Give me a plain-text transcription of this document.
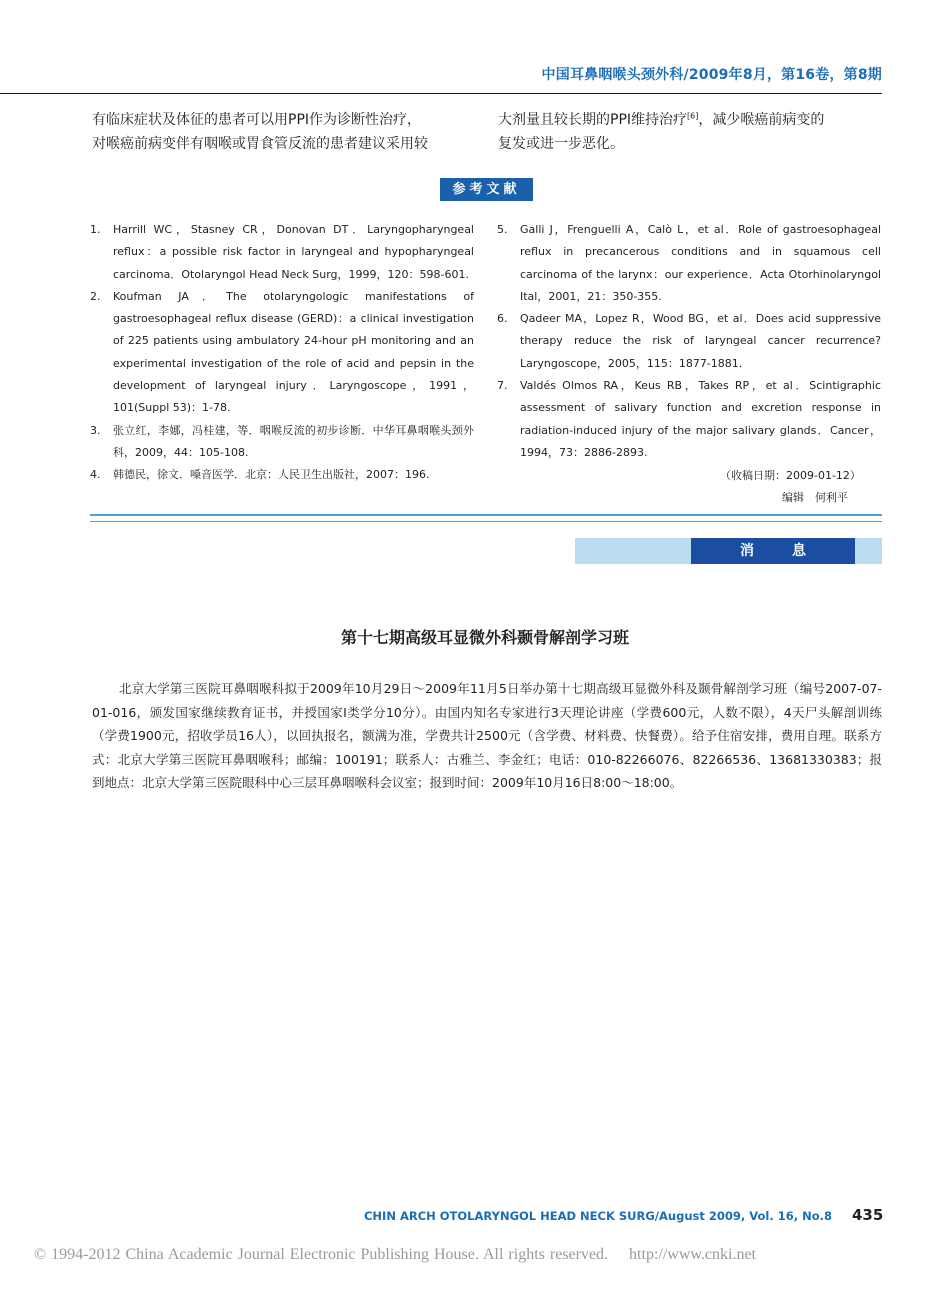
中国耳鼻咽喉头颈外科/2009年8月，第16卷，第8期
有临床症状及体征的患者可以用PPI作为诊断性治疗，
对喉癌前病变伴有咽喉或胃食管反流的患者建议采用较
大剂量且较长期的PPI维持治疗[6]，减少喉癌前病变的
复发或进一步恶化。
参考文献
1.	Harrill WC，Stasney CR，Donovan DT．Laryngopharyngeal reflux：a possible risk factor in laryngeal and hypopharyngeal carcinoma．Otolaryngol Head Neck Surg，1999，120：598-601.
2.	Koufman JA．The otolaryngologic manifestations of gastroesophageal reflux disease (GERD)：a clinical investigation of 225 patients using ambulatory 24-hour pH monitoring and an experimental investigation of the role of acid and pepsin in the development of laryngeal injury．Laryngoscope，1991，101(Suppl 53)：1-78.
3.	张立红，李娜，冯桂建，等．咽喉反流的初步诊断．中华耳鼻咽喉头颈外科，2009，44：105-108.
4.	韩德民，徐文．嗓音医学．北京：人民卫生出版社，2007：196.
5.	Galli J，Frenguelli A，Calò L，et al．Role of gastroesophageal reflux in precancerous conditions and in squamous cell carcinoma of the larynx：our experience．Acta Otorhinolaryngol Ital，2001，21：350-355.
6.	Qadeer MA，Lopez R，Wood BG，et al．Does acid suppressive therapy reduce the risk of laryngeal cancer recurrence? Laryngoscope，2005，115：1877-1881.
7.	Valdés Olmos RA，Keus RB，Takes RP，et al．Scintigraphic assessment of salivary function and excretion response in radiation-induced injury of the major salivary glands．Cancer，1994，73：2886-2893.
（收稿日期：2009-01-12）
编辑　何利平
消息
第十七期高级耳显微外科颞骨解剖学习班

北京大学第三医院耳鼻咽喉科拟于2009年10月29日～2009年11月5日举办第十七期高级耳显微外科及颞骨解剖学习班（编号2007-07-01-016，颁发国家继续教育证书，并授国家I类学分10分）。由国内知名专家进行3天理论讲座（学费600元，人数不限），4天尸头解剖训练（学费1900元，招收学员16人），以回执报名，额满为准，学费共计2500元（含学费、材料费、快餐费）。给予住宿安排，费用自理。联系方式：北京大学第三医院耳鼻咽喉科；邮编：100191；联系人：古雅兰、李金红；电话：010-82266076、82266536、13681330383；报到地点：北京大学第三医院眼科中心三层耳鼻咽喉科会议室；报到时间：2009年10月16日8:00～18:00。

CHIN ARCH OTOLARYNGOL HEAD NECK SURG/August 2009, Vol. 16, No.8 435
© 1994-2012 China Academic Journal Electronic Publishing House. All rights reserved.　 http://www.cnki.net
